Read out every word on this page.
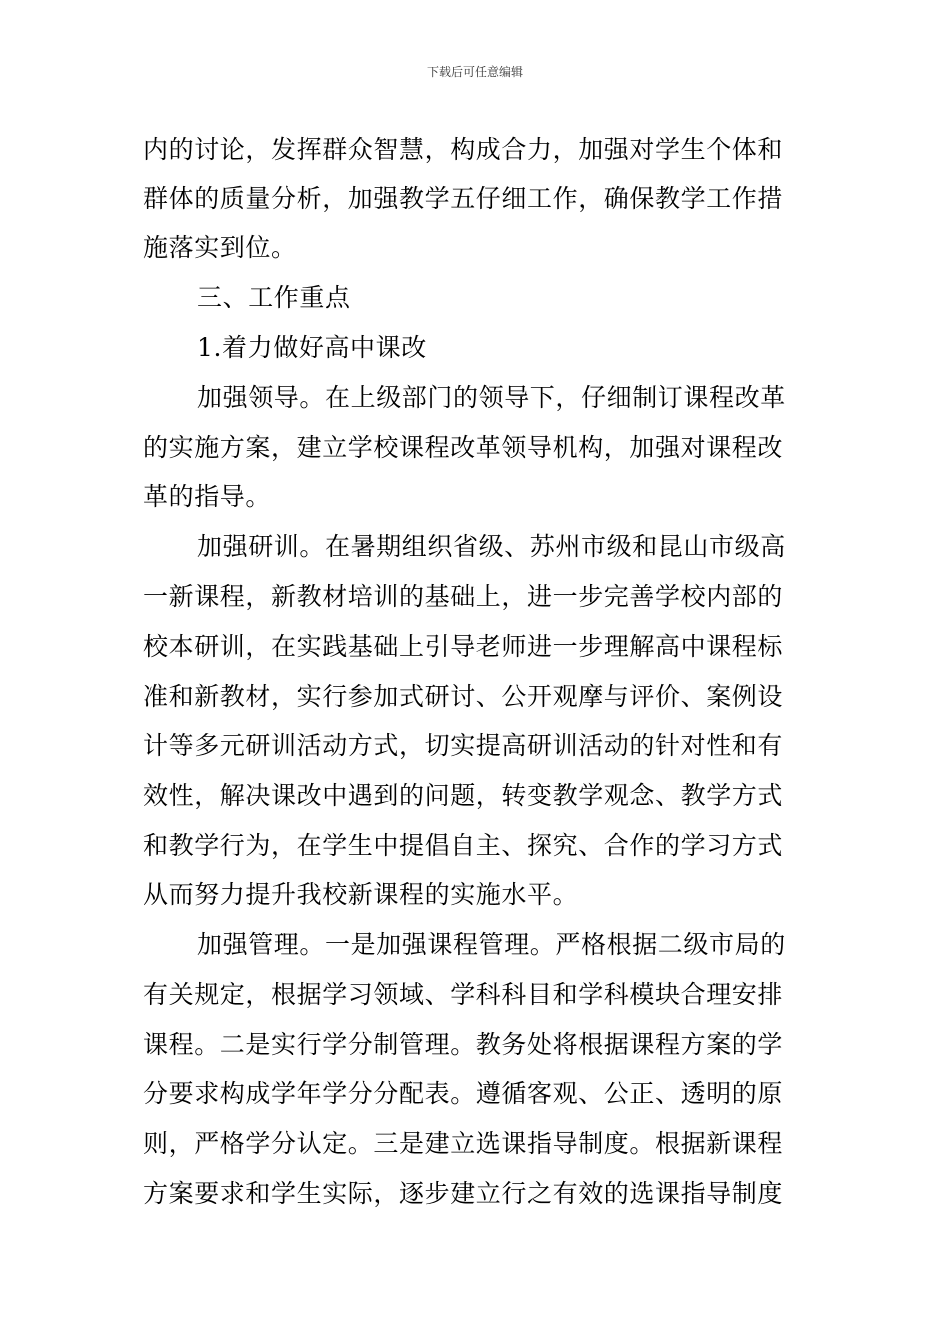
下载后可任意编辑
内的讨论，发挥群众智慧，构成合力，加强对学生个体和
群体的质量分析，加强教学五仔细工作，确保教学工作措
施落实到位。
三、工作重点
1.着力做好高中课改
加强领导。在上级部门的领导下，仔细制订课程改革
的实施方案，建立学校课程改革领导机构，加强对课程改
革的指导。
加强研训。在暑期组织省级、苏州市级和昆山市级高
一新课程，新教材培训的基础上，进一步完善学校内部的
校本研训，在实践基础上引导老师进一步理解高中课程标
准和新教材，实行参加式研讨、公开观摩与评价、案例设
计等多元研训活动方式，切实提高研训活动的针对性和有
效性，解决课改中遇到的问题，转变教学观念、教学方式
和教学行为，在学生中提倡自主、探究、合作的学习方式
从而努力提升我校新课程的实施水平。
加强管理。一是加强课程管理。严格根据二级市局的
有关规定，根据学习领域、学科科目和学科模块合理安排
课程。二是实行学分制管理。教务处将根据课程方案的学
分要求构成学年学分分配表。遵循客观、公正、透明的原
则，严格学分认定。三是建立选课指导制度。根据新课程
方案要求和学生实际，逐步建立行之有效的选课指导制度
